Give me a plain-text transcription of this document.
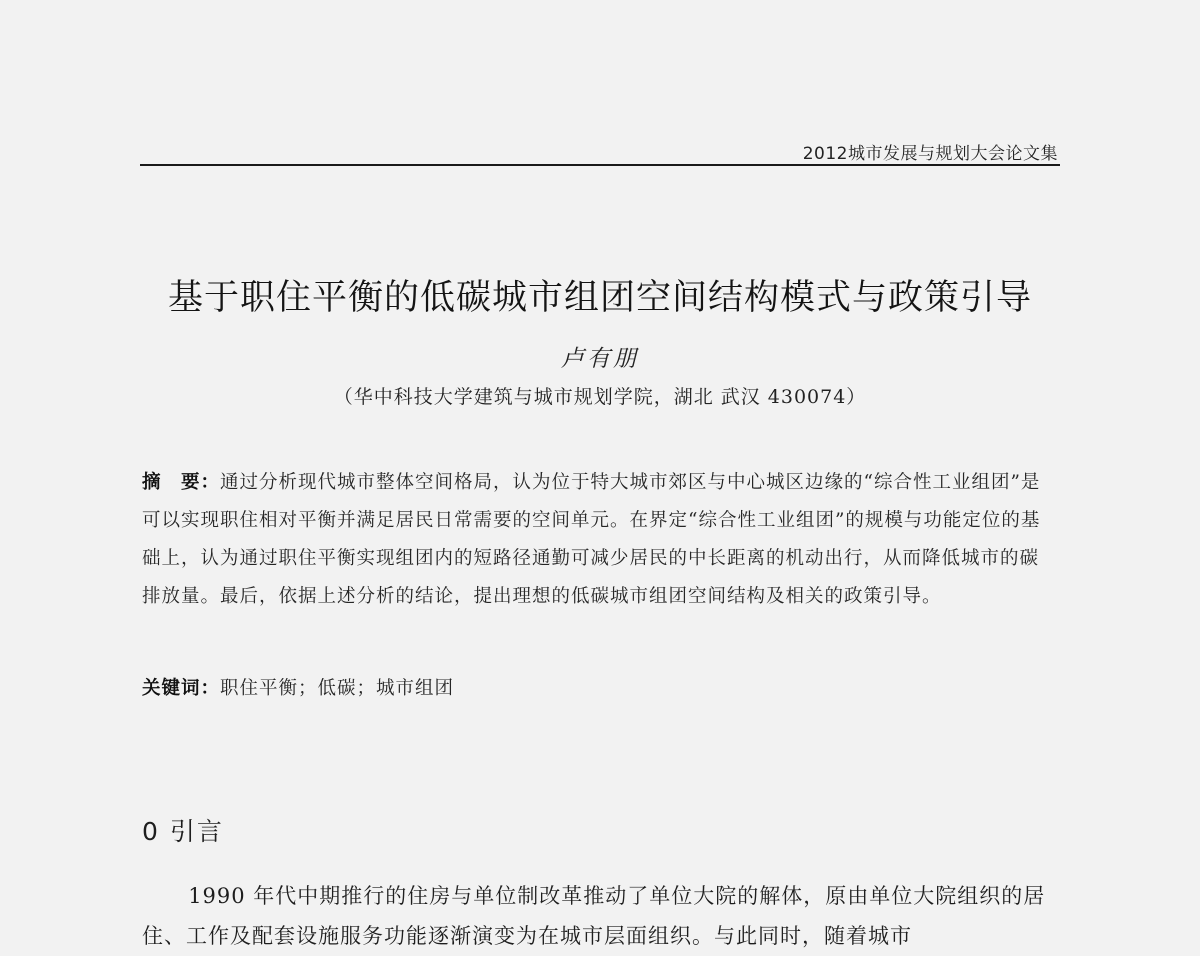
2012城市发展与规划大会论文集
基于职住平衡的低碳城市组团空间结构模式与政策引导
卢有朋
（华中科技大学建筑与城市规划学院，湖北 武汉 430074）

摘　要：通过分析现代城市整体空间格局，认为位于特大城市郊区与中心城区边缘的“综合性工业组团”是可以实现职住相对平衡并满足居民日常需要的空间单元。在界定“综合性工业组团”的规模与功能定位的基础上，认为通过职住平衡实现组团内的短路径通勤可减少居民的中长距离的机动出行，从而降低城市的碳排放量。最后，依据上述分析的结论，提出理想的低碳城市组团空间结构及相关的政策引导。

关键词：职住平衡；低碳；城市组团

0 引言

1990 年代中期推行的住房与单位制改革推动了单位大院的解体，原由单位大院组织的居住、工作及配套设施服务功能逐渐演变为在城市层面组织。与此同时，随着城市
